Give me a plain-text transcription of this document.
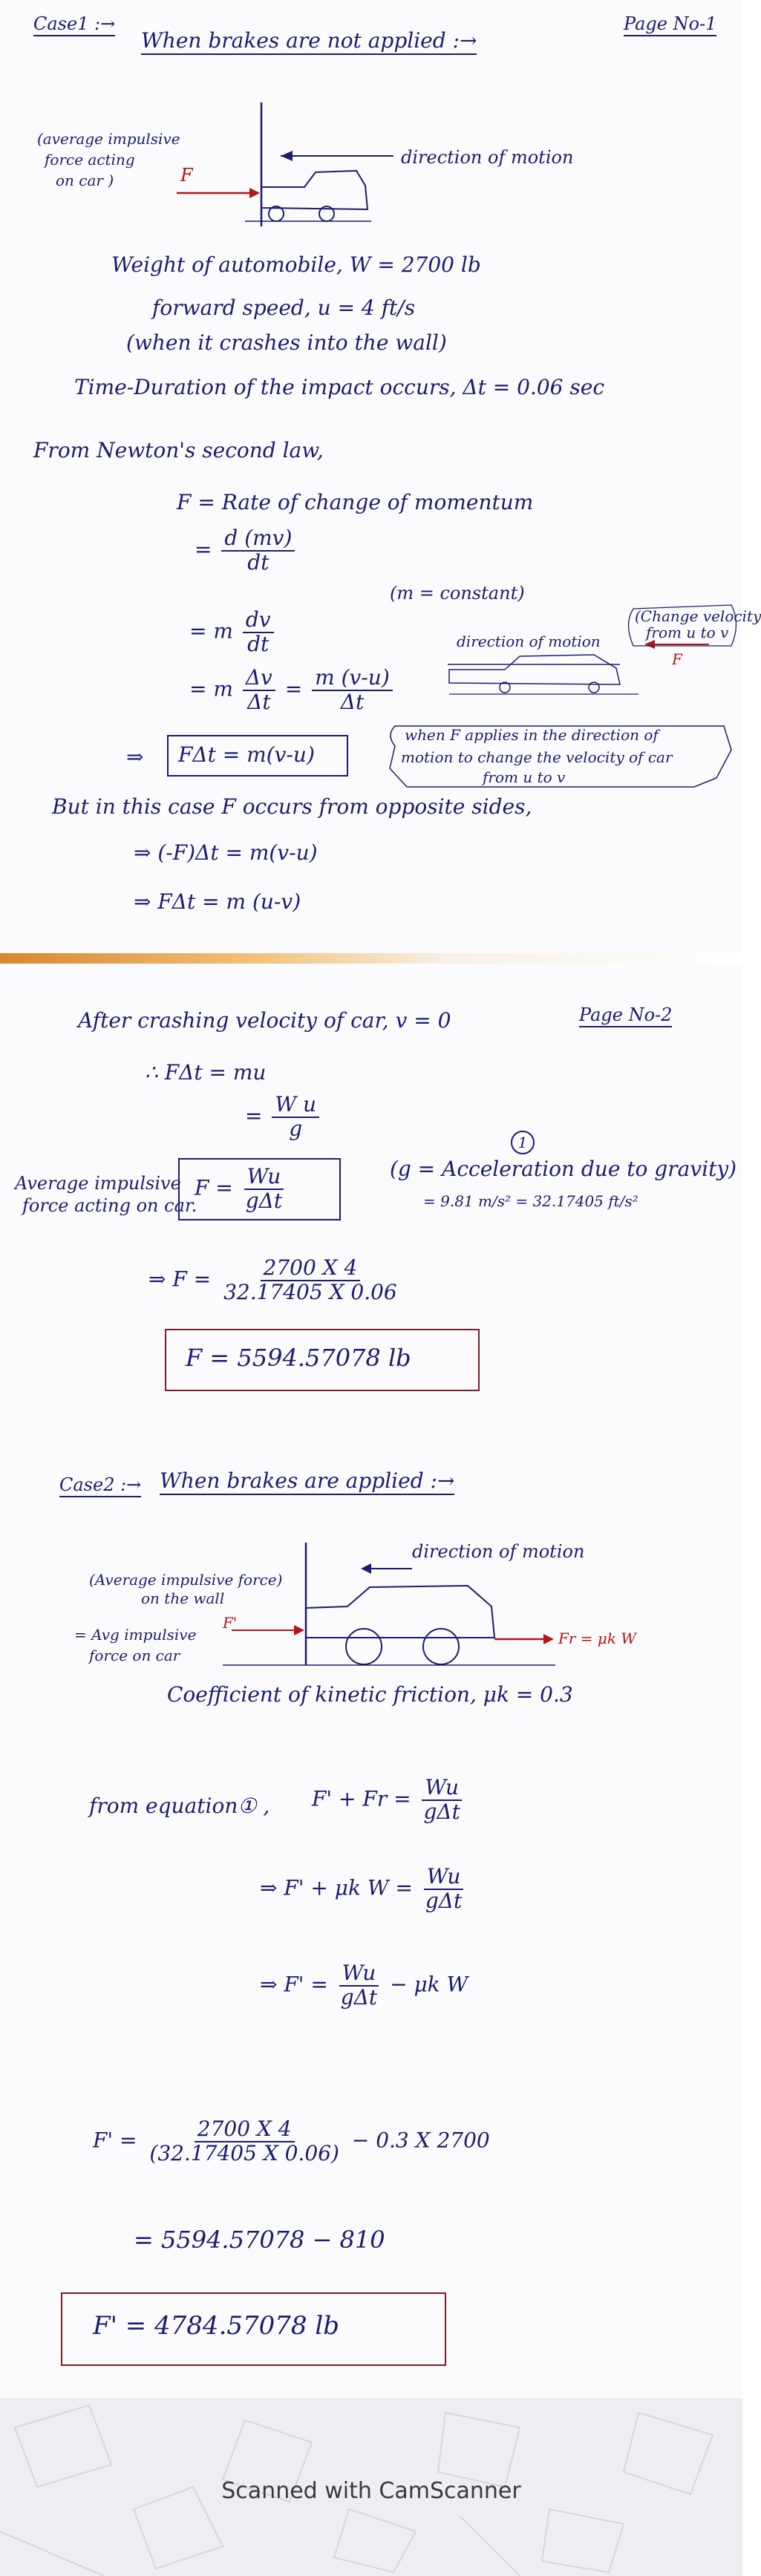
Case1 :→
When brakes are not applied :→
Page No-1
(average impulsive
force acting
on car )	F
direction of motion
Weight of automobile, W = 2700 lb
forward speed, u = 4 ft/s
(when it crashes into the wall)
Time-Duration of the impact occurs, Δt = 0.06 sec
From Newton's second law,
F = Rate of change of momentum
= $\frac{d (mv)}{dt}$
(m = constant)
(Change velocity
from u to v
direction of motion
F
= m $\frac{dv}{dt}$
= m $\frac{\Delta v}{\Delta t} = \frac{m (v-u)}{\Delta t}$
⇒ FΔt = m(v-u)
when F applies in the direction of
motion to change the velocity of car
from u to v
But in this case F occurs from opposite sides,
⇒ (-F)Δt = m(v-u)
⇒ FΔt = m (u-v)
After crashing velocity of car, v = 0	Page No-2
∴ FΔt = mu
= $\frac{\text{W u}}{g}$
Average impulsive
force acting on car.
$F = \frac{Wu}{\text{gΔt}}$
1
(g = Acceleration due to gravity)
= 9.81 m/s² = 32.17405 ft/s²
⇒ $F = \frac{2700 X 4}{32.17405 X 0.06}$
F = 5594.57078 lb
Case2 :→ When brakes are applied :→
(Average impulsive force)
on the wall
F'
= Avg impulsive
force on car
direction of motion
Fr = μk W
Coefficient of kinetic friction, μk = 0.3
from equation① , $F' + Fr = \frac{Wu}{\text{gΔt}}$
⇒ F' + μk $W = \frac{Wu}{\text{gΔt}}$
⇒ $F' = \frac{Wu}{\text{gΔt}} - \mu k$ W
$F' = \frac{2700 X 4}{(32.17405 X 0.06)} - 0.3$ X 2700
= 5594.57078 − 810
F' = 4784.57078 lb
Scanned with CamScanner
